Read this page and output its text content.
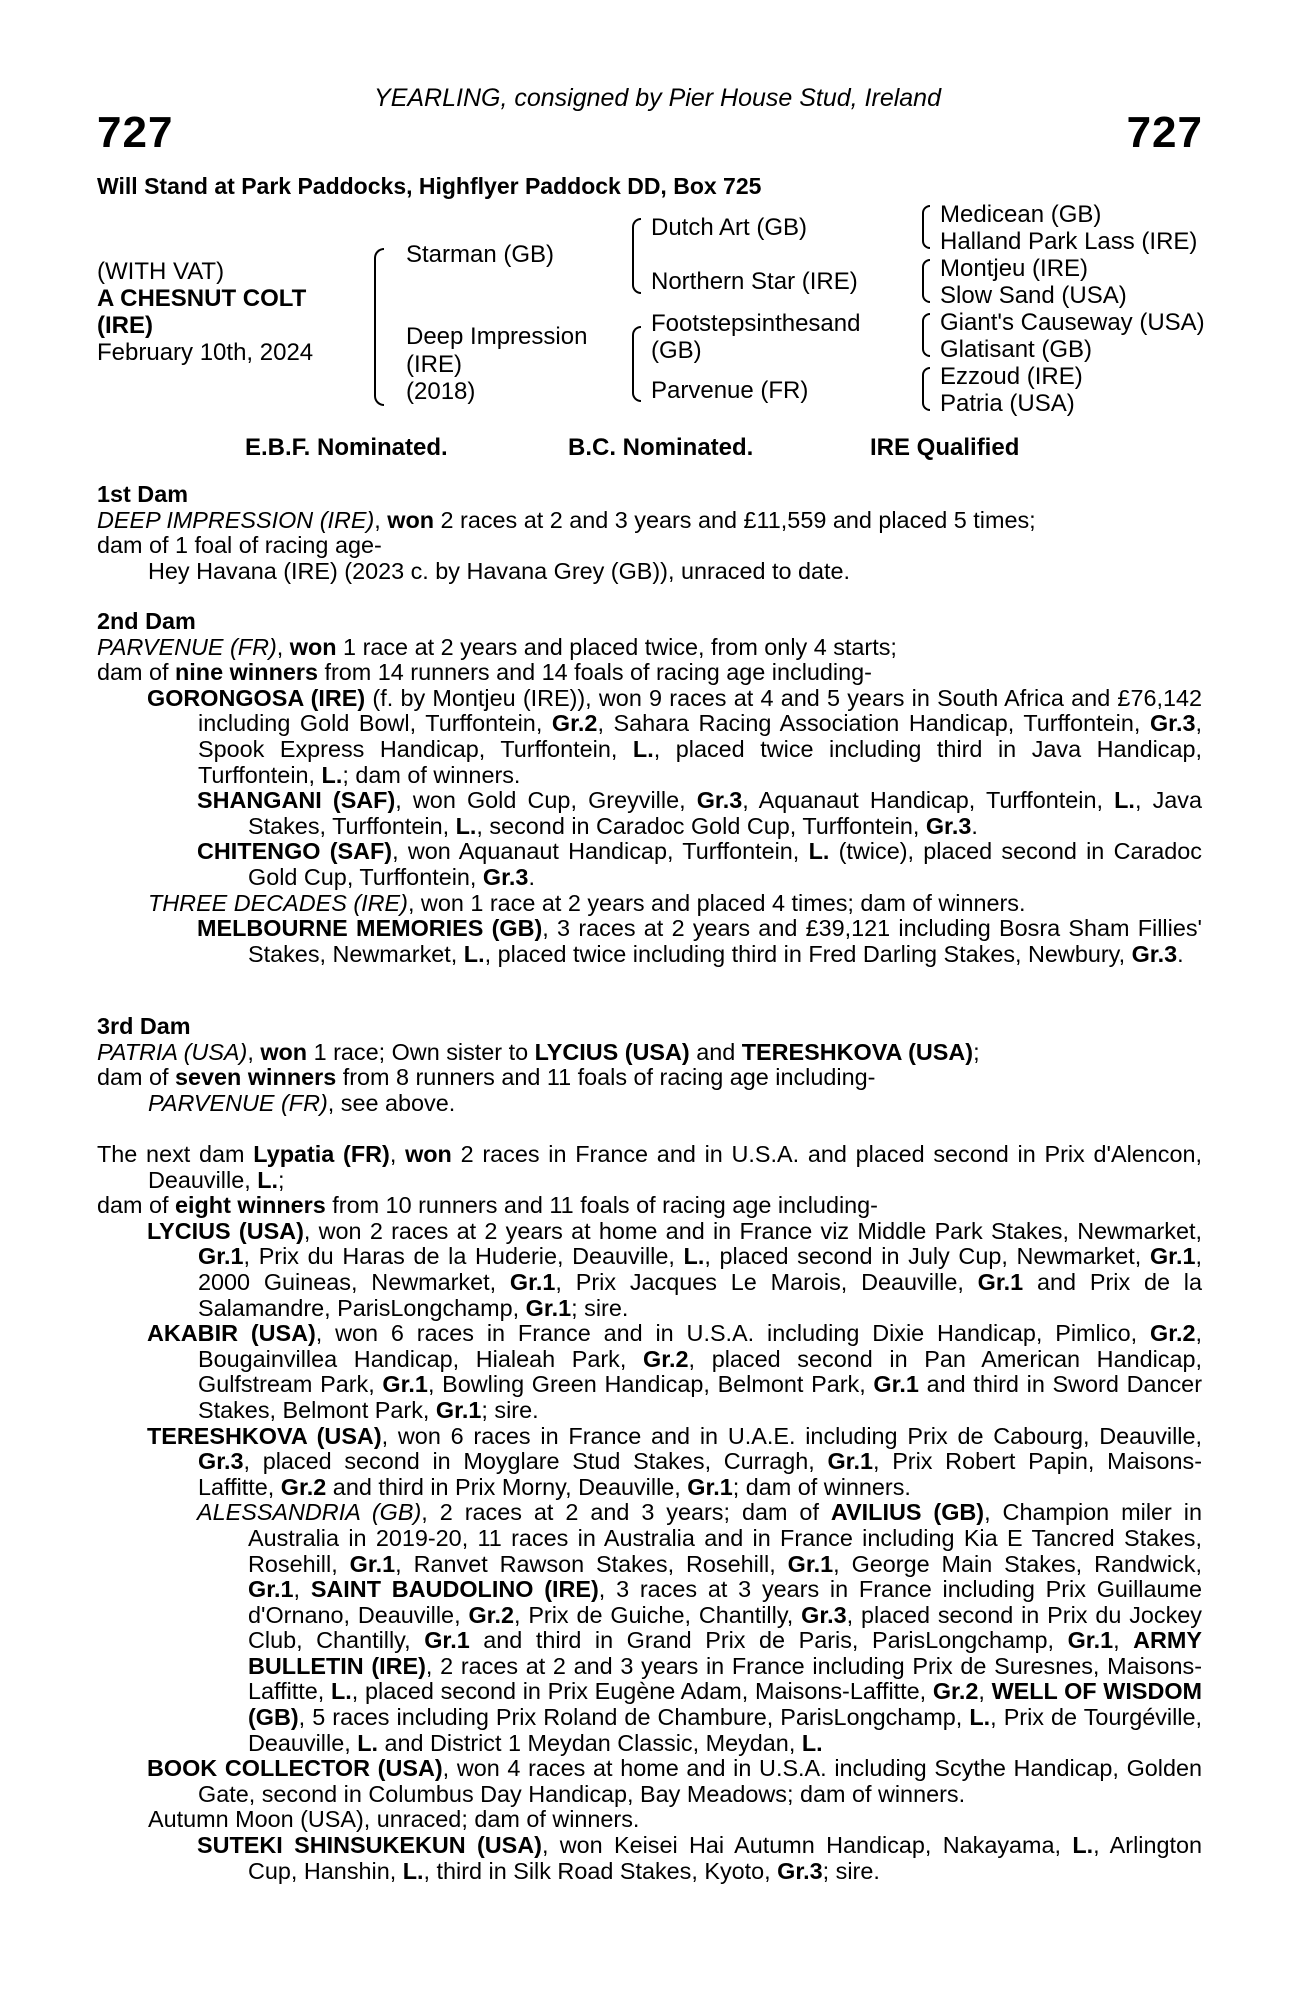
YEARLING, consigned by Pier House Stud, Ireland
727	727
Will Stand at Park Paddocks, Highflyer Paddock DD, Box 725
(WITH VAT)
A CHESNUT COLT
(IRE)
February 10th, 2024
Starman (GB)
Deep Impression
(IRE)
(2018)
Dutch Art (GB)
Northern Star (IRE)
Footstepsinthesand
(GB)
Parvenue (FR)
Medicean (GB)
Halland Park Lass (IRE)
Montjeu (IRE)
Slow Sand (USA)
Giant's Causeway (USA)
Glatisant (GB)
Ezzoud (IRE)
Patria (USA)
E.B.F. Nominated.	B.C. Nominated.	IRE Qualified
1st Dam
DEEP IMPRESSION (IRE), won 2 races at 2 and 3 years and £11,559 and placed 5 times;
dam of 1 foal of racing age-
Hey Havana (IRE) (2023 c. by Havana Grey (GB)), unraced to date.
2nd Dam
PARVENUE (FR), won 1 race at 2 years and placed twice, from only 4 starts;
dam of nine winners from 14 runners and 14 foals of racing age including-
GORONGOSA (IRE) (f. by Montjeu (IRE)), won 9 races at 4 and 5 years in South Africa and £76,142 including Gold Bowl, Turffontein, Gr.2, Sahara Racing Association Handicap, Turffontein, Gr.3, Spook Express Handicap, Turffontein, L., placed twice including third in Java Handicap, Turffontein, L.; dam of winners.
SHANGANI (SAF), won Gold Cup, Greyville, Gr.3, Aquanaut Handicap, Turffontein, L., Java Stakes, Turffontein, L., second in Caradoc Gold Cup, Turffontein, Gr.3.
CHITENGO (SAF), won Aquanaut Handicap, Turffontein, L. (twice), placed second in Caradoc Gold Cup, Turffontein, Gr.3.
THREE DECADES (IRE), won 1 race at 2 years and placed 4 times; dam of winners.
MELBOURNE MEMORIES (GB), 3 races at 2 years and £39,121 including Bosra Sham Fillies' Stakes, Newmarket, L., placed twice including third in Fred Darling Stakes, Newbury, Gr.3.
3rd Dam
PATRIA (USA), won 1 race; Own sister to LYCIUS (USA) and TERESHKOVA (USA);
dam of seven winners from 8 runners and 11 foals of racing age including-
PARVENUE (FR), see above.
The next dam Lypatia (FR), won 2 races in France and in U.S.A. and placed second in Prix d'Alencon, Deauville, L.;
dam of eight winners from 10 runners and 11 foals of racing age including-
LYCIUS (USA), won 2 races at 2 years at home and in France viz Middle Park Stakes, Newmarket, Gr.1, Prix du Haras de la Huderie, Deauville, L., placed second in July Cup, Newmarket, Gr.1, 2000 Guineas, Newmarket, Gr.1, Prix Jacques Le Marois, Deauville, Gr.1 and Prix de la Salamandre, ParisLongchamp, Gr.1; sire.
AKABIR (USA), won 6 races in France and in U.S.A. including Dixie Handicap, Pimlico, Gr.2, Bougainvillea Handicap, Hialeah Park, Gr.2, placed second in Pan American Handicap, Gulfstream Park, Gr.1, Bowling Green Handicap, Belmont Park, Gr.1 and third in Sword Dancer Stakes, Belmont Park, Gr.1; sire.
TERESHKOVA (USA), won 6 races in France and in U.A.E. including Prix de Cabourg, Deauville, Gr.3, placed second in Moyglare Stud Stakes, Curragh, Gr.1, Prix Robert Papin, Maisons-Laffitte, Gr.2 and third in Prix Morny, Deauville, Gr.1; dam of winners.
ALESSANDRIA (GB), 2 races at 2 and 3 years; dam of AVILIUS (GB), Champion miler in Australia in 2019-20, 11 races in Australia and in France including Kia E Tancred Stakes, Rosehill, Gr.1, Ranvet Rawson Stakes, Rosehill, Gr.1, George Main Stakes, Randwick, Gr.1, SAINT BAUDOLINO (IRE), 3 races at 3 years in France including Prix Guillaume d'Ornano, Deauville, Gr.2, Prix de Guiche, Chantilly, Gr.3, placed second in Prix du Jockey Club, Chantilly, Gr.1 and third in Grand Prix de Paris, ParisLongchamp, Gr.1, ARMY BULLETIN (IRE), 2 races at 2 and 3 years in France including Prix de Suresnes, Maisons-Laffitte, L., placed second in Prix Eugène Adam, Maisons-Laffitte, Gr.2, WELL OF WISDOM (GB), 5 races including Prix Roland de Chambure, ParisLongchamp, L., Prix de Tourgéville, Deauville, L. and District 1 Meydan Classic, Meydan, L.
BOOK COLLECTOR (USA), won 4 races at home and in U.S.A. including Scythe Handicap, Golden Gate, second in Columbus Day Handicap, Bay Meadows; dam of winners.
Autumn Moon (USA), unraced; dam of winners.
SUTEKI SHINSUKEKUN (USA), won Keisei Hai Autumn Handicap, Nakayama, L., Arlington Cup, Hanshin, L., third in Silk Road Stakes, Kyoto, Gr.3; sire.
